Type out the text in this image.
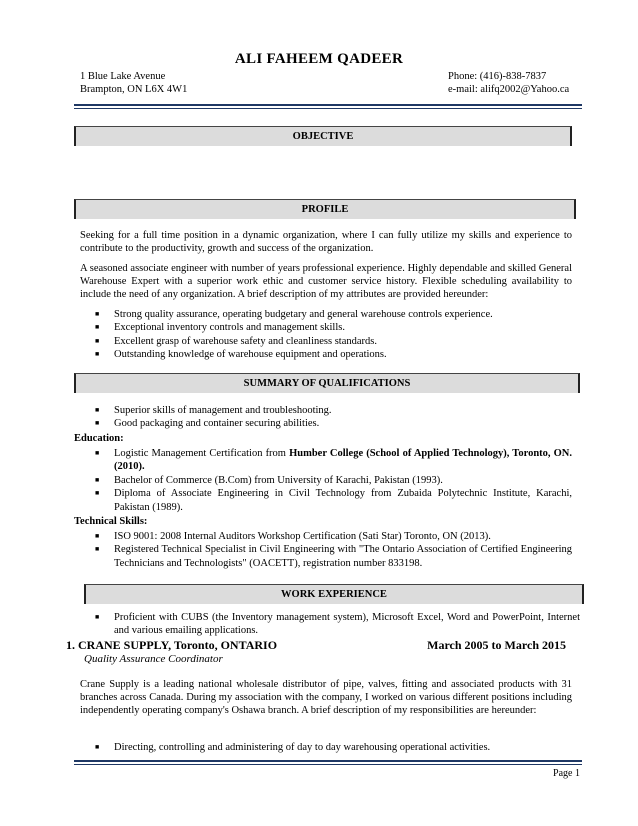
ALI FAHEEM QADEER
1 Blue Lake Avenue
Brampton, ON L6X 4W1
Phone: (416)-838-7837
e-mail: alifq2002@Yahoo.ca
OBJECTIVE
PROFILE
Seeking for a full time position in a dynamic organization, where I can fully utilize my skills and experience to contribute to the productivity, growth and success of the organization.
A seasoned associate engineer with number of years professional experience. Highly dependable and skilled General Warehouse Expert with a superior work ethic and customer service history. Flexible scheduling availability to include the need of any organization. A brief description of my attributes are provided hereunder:
■ Strong quality assurance, operating budgetary and general warehouse controls experience.
■ Exceptional inventory controls and management skills.
■ Excellent grasp of warehouse safety and cleanliness standards.
■ Outstanding knowledge of warehouse equipment and operations.
SUMMARY OF QUALIFICATIONS
■ Superior skills of management and troubleshooting.
■ Good packaging and container securing abilities.
Education:
■ Logistic Management Certification from Humber College (School of Applied Technology), Toronto, ON. (2010).
■ Bachelor of Commerce (B.Com) from University of Karachi, Pakistan (1993).
■ Diploma of Associate Engineering in Civil Technology from Zubaida Polytechnic Institute, Karachi, Pakistan (1989).
Technical Skills:
■ ISO 9001: 2008 Internal Auditors Workshop Certification (Sati Star) Toronto, ON (2013).
■ Registered Technical Specialist in Civil Engineering with "The Ontario Association of Certified Engineering Technicians and Technologists" (OACETT), registration number 833198.
WORK EXPERIENCE
■ Proficient with CUBS (the Inventory management system), Microsoft Excel, Word and PowerPoint, Internet and various emailing applications.
1. CRANE SUPPLY, Toronto, ONTARIO	March 2005 to March 2015
Quality Assurance Coordinator
Crane Supply is a leading national wholesale distributor of pipe, valves, fitting and associated products with 31 branches across Canada. During my association with the company, I worked on various different positions including independently operating company's Oshawa branch. A brief description of my responsibilities are hereunder:
■ Directing, controlling and administering of day to day warehousing operational activities.
Page 1
